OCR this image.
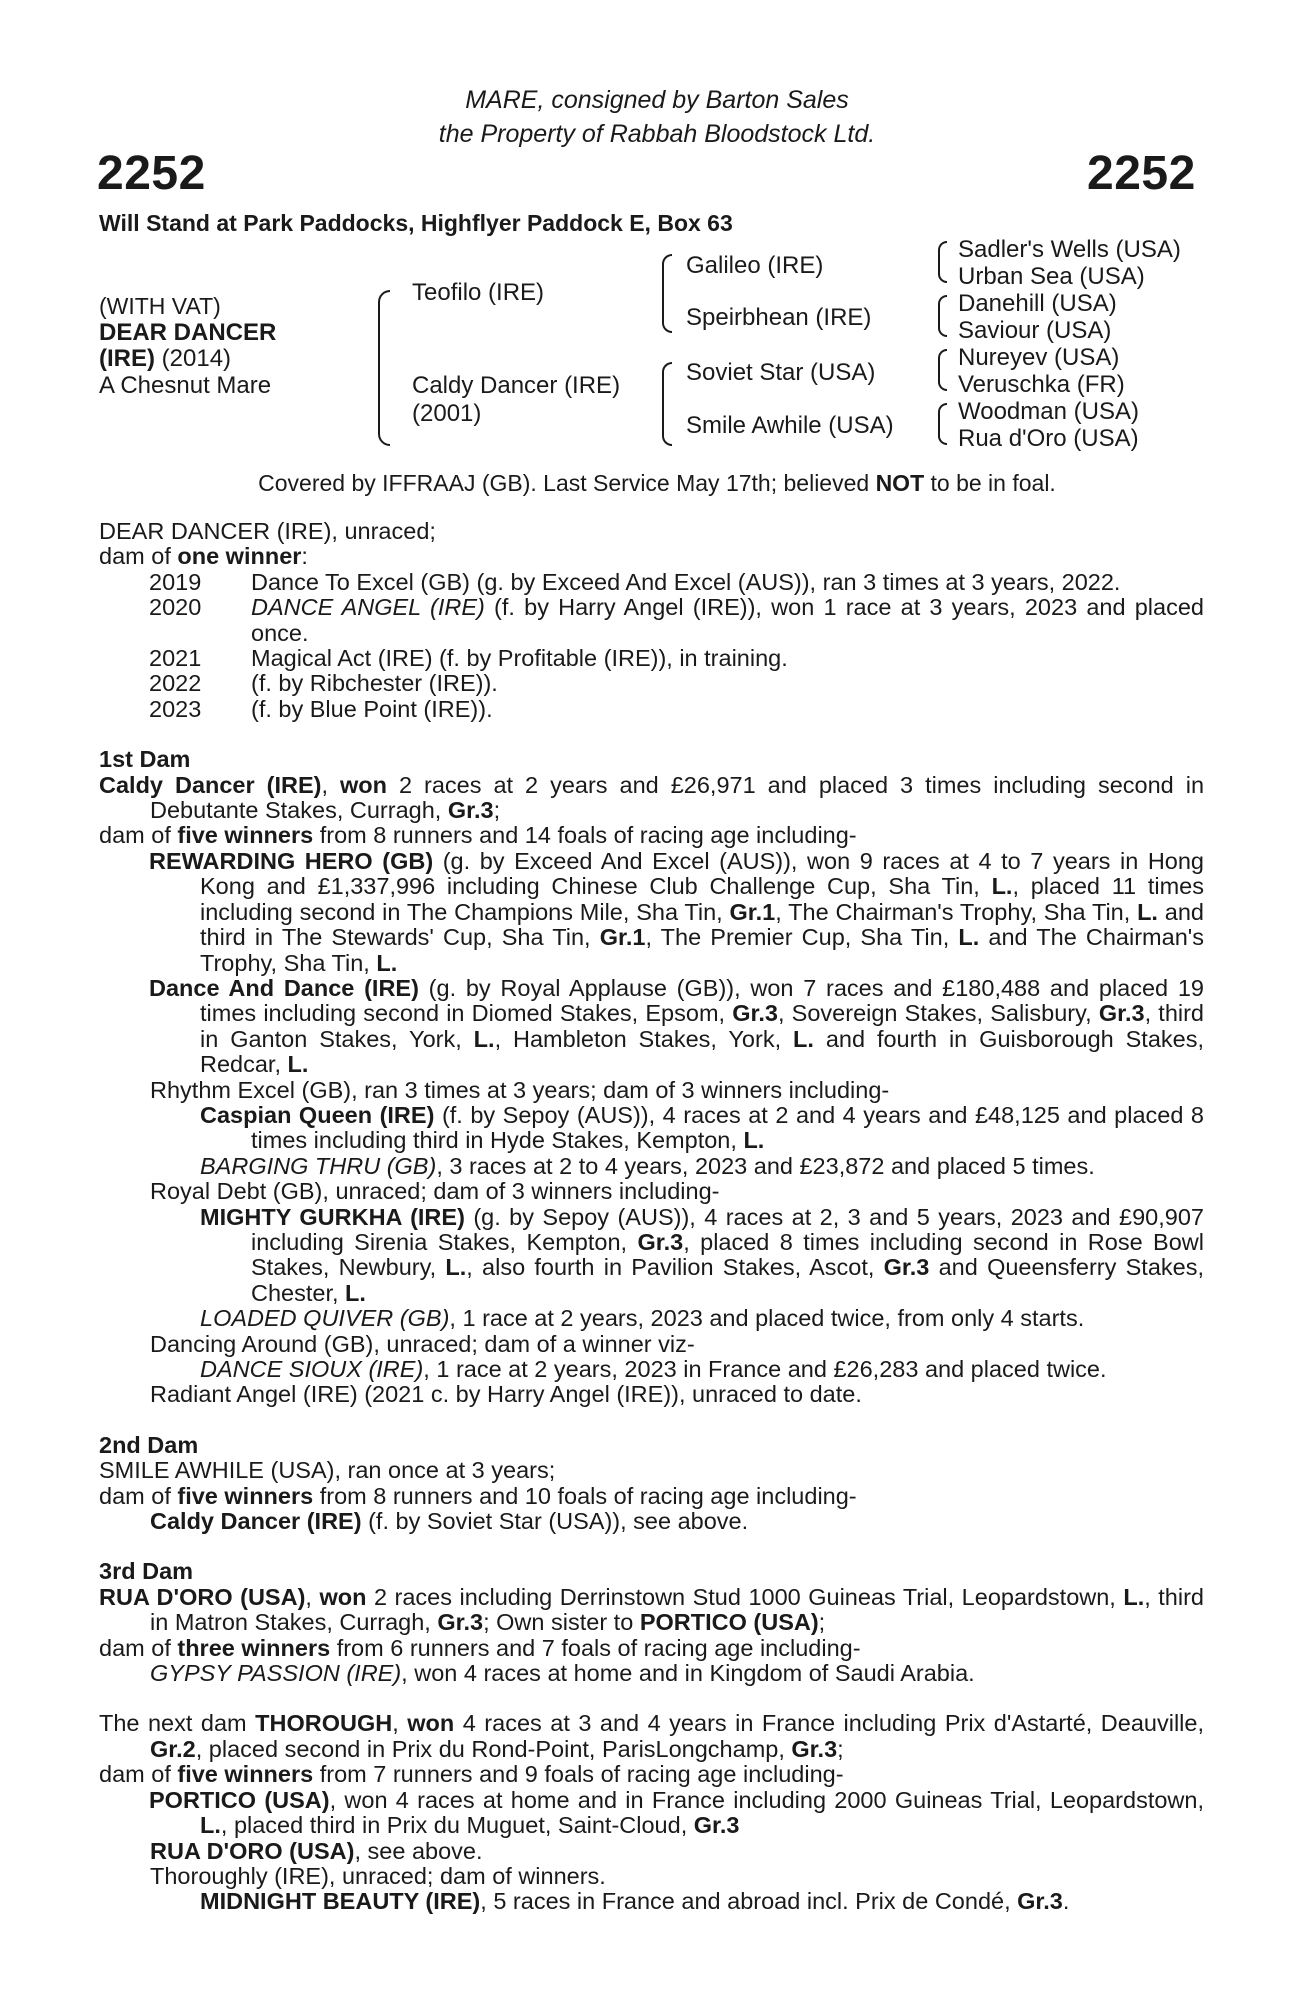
MARE, consigned by Barton Sales
the Property of Rabbah Bloodstock Ltd.
2252	2252
Will Stand at Park Paddocks, Highflyer Paddock E, Box 63
(WITH VAT)
DEAR DANCER
(IRE) (2014)
A Chesnut Mare
Teofilo (IRE)
Caldy Dancer (IRE)
(2001)
Galileo (IRE)
Speirbhean (IRE)
Soviet Star (USA)
Smile Awhile (USA)
Sadler's Wells (USA)
Urban Sea (USA)
Danehill (USA)
Saviour (USA)
Nureyev (USA)
Veruschka (FR)
Woodman (USA)
Rua d'Oro (USA)
Covered by IFFRAAJ (GB). Last Service May 17th; believed NOT to be in foal.

DEAR DANCER (IRE), unraced;

dam of one winner:

2019	Dance To Excel (GB) (g. by Exceed And Excel (AUS)), ran 3 times at 3 years, 2022.
2020	DANCE ANGEL (IRE) (f. by Harry Angel (IRE)), won 1 race at 3 years, 2023 and placed once.
2021	Magical Act (IRE) (f. by Profitable (IRE)), in training.
2022	(f. by Ribchester (IRE)).
2023	(f. by Blue Point (IRE)).

1st Dam

Caldy Dancer (IRE), won 2 races at 2 years and £26,971 and placed 3 times including second in Debutante Stakes, Curragh, Gr.3;

dam of five winners from 8 runners and 14 foals of racing age including-

REWARDING HERO (GB) (g. by Exceed And Excel (AUS)), won 9 races at 4 to 7 years in Hong Kong and £1,337,996 including Chinese Club Challenge Cup, Sha Tin, L., placed 11 times including second in The Champions Mile, Sha Tin, Gr.1, The Chairman's Trophy, Sha Tin, L. and third in The Stewards' Cup, Sha Tin, Gr.1, The Premier Cup, Sha Tin, L. and The Chairman's Trophy, Sha Tin, L.

Dance And Dance (IRE) (g. by Royal Applause (GB)), won 7 races and £180,488 and placed 19 times including second in Diomed Stakes, Epsom, Gr.3, Sovereign Stakes, Salisbury, Gr.3, third in Ganton Stakes, York, L., Hambleton Stakes, York, L. and fourth in Guisborough Stakes, Redcar, L.

Rhythm Excel (GB), ran 3 times at 3 years; dam of 3 winners including-

Caspian Queen (IRE) (f. by Sepoy (AUS)), 4 races at 2 and 4 years and £48,125 and placed 8 times including third in Hyde Stakes, Kempton, L.

BARGING THRU (GB), 3 races at 2 to 4 years, 2023 and £23,872 and placed 5 times.

Royal Debt (GB), unraced; dam of 3 winners including-

MIGHTY GURKHA (IRE) (g. by Sepoy (AUS)), 4 races at 2, 3 and 5 years, 2023 and £90,907 including Sirenia Stakes, Kempton, Gr.3, placed 8 times including second in Rose Bowl Stakes, Newbury, L., also fourth in Pavilion Stakes, Ascot, Gr.3 and Queensferry Stakes, Chester, L.

LOADED QUIVER (GB), 1 race at 2 years, 2023 and placed twice, from only 4 starts.

Dancing Around (GB), unraced; dam of a winner viz-

DANCE SIOUX (IRE), 1 race at 2 years, 2023 in France and £26,283 and placed twice.

Radiant Angel (IRE) (2021 c. by Harry Angel (IRE)), unraced to date.

2nd Dam

SMILE AWHILE (USA), ran once at 3 years;

dam of five winners from 8 runners and 10 foals of racing age including-

Caldy Dancer (IRE) (f. by Soviet Star (USA)), see above.

3rd Dam

RUA D'ORO (USA), won 2 races including Derrinstown Stud 1000 Guineas Trial, Leopardstown, L., third in Matron Stakes, Curragh, Gr.3; Own sister to PORTICO (USA);

dam of three winners from 6 runners and 7 foals of racing age including-

GYPSY PASSION (IRE), won 4 races at home and in Kingdom of Saudi Arabia.

The next dam THOROUGH, won 4 races at 3 and 4 years in France including Prix d'Astarté, Deauville, Gr.2, placed second in Prix du Rond-Point, ParisLongchamp, Gr.3;

dam of five winners from 7 runners and 9 foals of racing age including-

PORTICO (USA), won 4 races at home and in France including 2000 Guineas Trial, Leopardstown, L., placed third in Prix du Muguet, Saint-Cloud, Gr.3

RUA D'ORO (USA), see above.

Thoroughly (IRE), unraced; dam of winners.

MIDNIGHT BEAUTY (IRE), 5 races in France and abroad incl. Prix de Condé, Gr.3.
